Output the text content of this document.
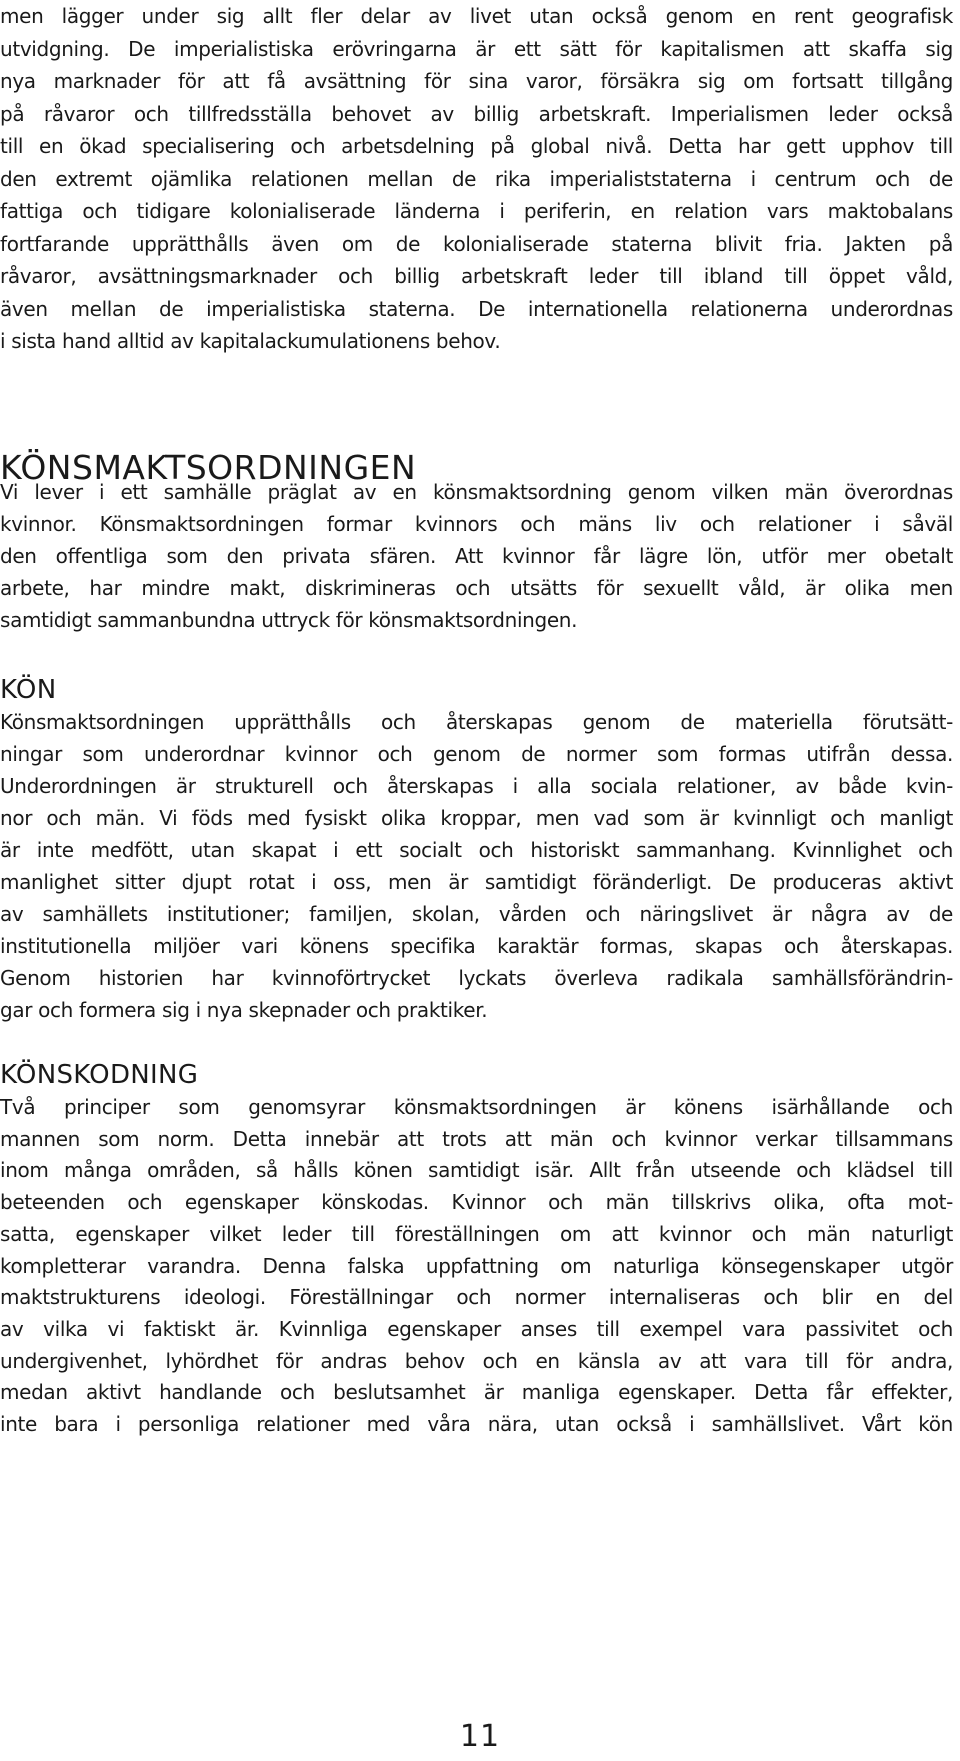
men lägger under sig allt fler delar av livet utan också genom en rent geografisk
utvidgning. De imperialistiska erövringarna är ett sätt för kapitalismen att skaffa sig
nya marknader för att få avsättning för sina varor, försäkra sig om fortsatt tillgång
på råvaror och tillfredsställa behovet av billig arbetskraft. Imperialismen leder också
till en ökad specialisering och arbetsdelning på global nivå. Detta har gett upphov till
den extremt ojämlika relationen mellan de rika imperialiststaterna i centrum och de
fattiga och tidigare kolonialiserade länderna i periferin, en relation vars maktobalans
fortfarande upprätthålls även om de kolonialiserade staterna blivit fria. Jakten på
råvaror, avsättningsmarknader och billig arbetskraft leder till ibland till öppet våld,
även mellan de imperialistiska staterna. De internationella relationerna underordnas
i sista hand alltid av kapitalackumulationens behov.
KÖNSMAKTSORDNINGEN
Vi lever i ett samhälle präglat av en könsmaktsordning genom vilken män överordnas
kvinnor. Könsmaktsordningen formar kvinnors och mäns liv och relationer i såväl
den offentliga som den privata sfären. Att kvinnor får lägre lön, utför mer obetalt
arbete, har mindre makt, diskrimineras och utsätts för sexuellt våld, är olika men
samtidigt sammanbundna uttryck för könsmaktsordningen.
KÖN
Könsmaktsordningen upprätthålls och återskapas genom de materiella förutsätt-
ningar som underordnar kvinnor och genom de normer som formas utifrån dessa.
Underordningen är strukturell och återskapas i alla sociala relationer, av både kvin-
nor och män. Vi föds med fysiskt olika kroppar, men vad som är kvinnligt och manligt
är inte medfött, utan skapat i ett socialt och historiskt sammanhang. Kvinnlighet och
manlighet sitter djupt rotat i oss, men är samtidigt föränderligt. De produceras aktivt
av samhällets institutioner; familjen, skolan, vården och näringslivet är några av de
institutionella miljöer vari könens specifika karaktär formas, skapas och återskapas.
Genom historien har kvinnoförtrycket lyckats överleva radikala samhällsförändrin-
gar och formera sig i nya skepnader och praktiker.
KÖNSKODNING
Två principer som genomsyrar könsmaktsordningen är könens isärhållande och
mannen som norm. Detta innebär att trots att män och kvinnor verkar tillsammans
inom många områden, så hålls könen samtidigt isär. Allt från utseende och klädsel till
beteenden och egenskaper könskodas. Kvinnor och män tillskrivs olika, ofta mot-
satta, egenskaper vilket leder till föreställningen om att kvinnor och män naturligt
kompletterar varandra. Denna falska uppfattning om naturliga könsegenskaper utgör
maktstrukturens ideologi. Föreställningar och normer internaliseras och blir en del
av vilka vi faktiskt är. Kvinnliga egenskaper anses till exempel vara passivitet och
undergivenhet, lyhördhet för andras behov och en känsla av att vara till för andra,
medan aktivt handlande och beslutsamhet är manliga egenskaper. Detta får effekter,
inte bara i personliga relationer med våra nära, utan också i samhällslivet. Vårt kön
11
